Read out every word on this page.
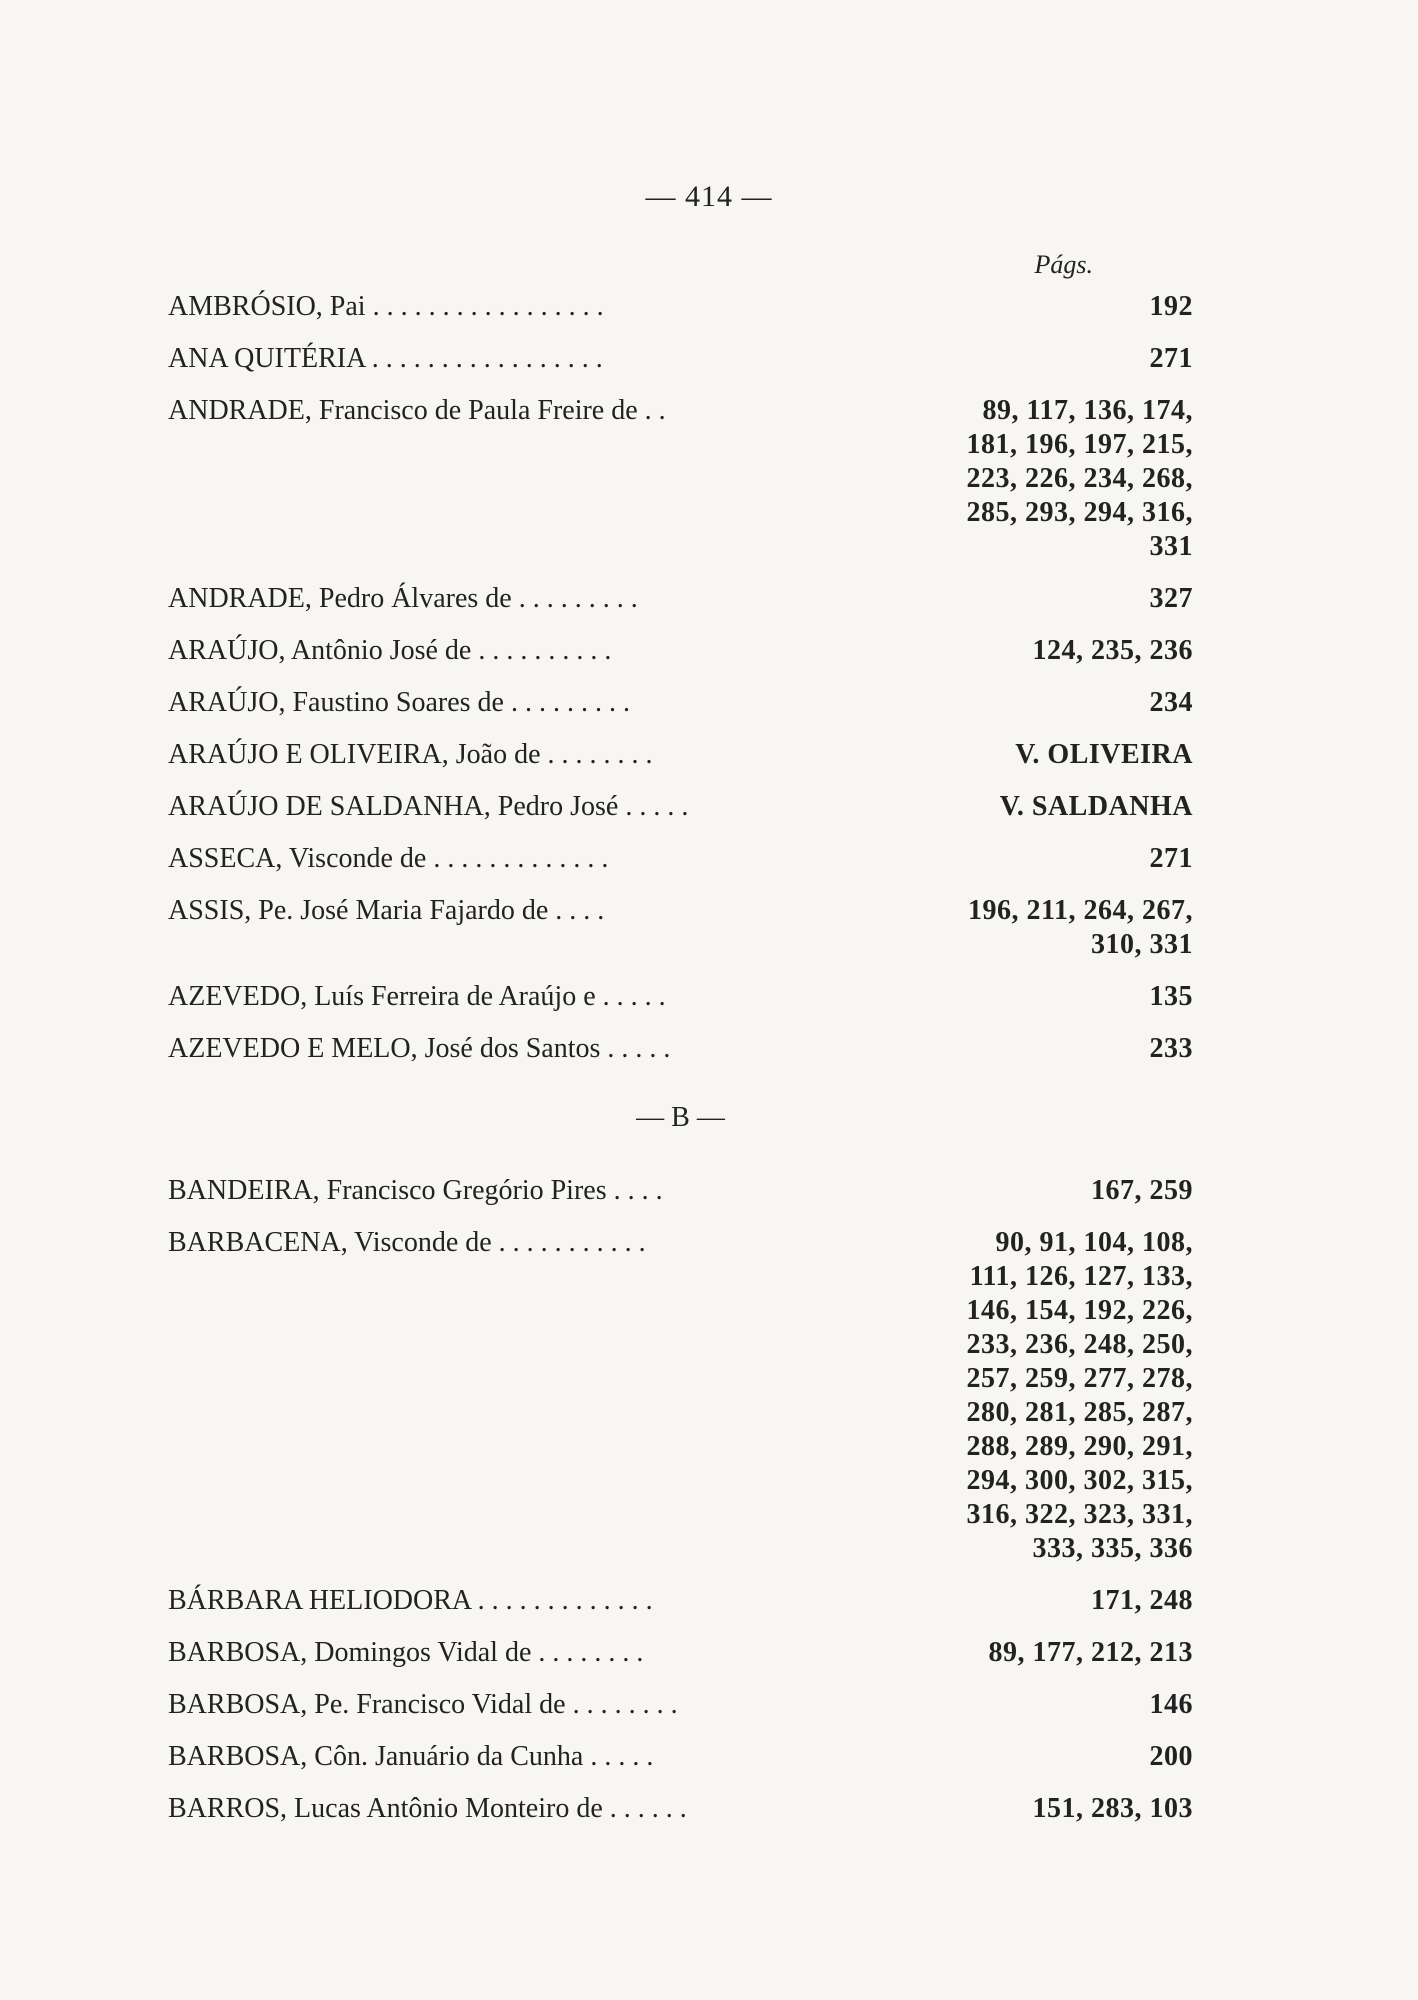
— 414 —
Págs.
AMBRÓSIO, Pai . . . . . . . . . . . . . . . . .	192
ANA QUITÉRIA . . . . . . . . . . . . . . . . .	271
ANDRADE, Francisco de Paula Freire de . .	89, 117, 136, 174,
181, 196, 197, 215,
223, 226, 234, 268,
285, 293, 294, 316,
331
ANDRADE, Pedro Álvares de . . . . . . . . .	327
ARAÚJO, Antônio José de . . . . . . . . . .	124, 235, 236
ARAÚJO, Faustino Soares de . . . . . . . . .	234
ARAÚJO E OLIVEIRA, João de . . . . . . . .	V. OLIVEIRA
ARAÚJO DE SALDANHA, Pedro José . . . . .	V. SALDANHA
ASSECA, Visconde de . . . . . . . . . . . . .	271
ASSIS, Pe. José Maria Fajardo de . . . .	196, 211, 264, 267,
310, 331
AZEVEDO, Luís Ferreira de Araújo e . . . . .	135
AZEVEDO E MELO, José dos Santos . . . . .	233
— B —
BANDEIRA, Francisco Gregório Pires . . . .	167, 259
BARBACENA, Visconde de . . . . . . . . . . .	90, 91, 104, 108,
111, 126, 127, 133,
146, 154, 192, 226,
233, 236, 248, 250,
257, 259, 277, 278,
280, 281, 285, 287,
288, 289, 290, 291,
294, 300, 302, 315,
316, 322, 323, 331,
333, 335, 336
BÁRBARA HELIODORA . . . . . . . . . . . . .	171, 248
BARBOSA, Domingos Vidal de . . . . . . . .	89, 177, 212, 213
BARBOSA, Pe. Francisco Vidal de . . . . . . . .	146
BARBOSA, Côn. Januário da Cunha . . . . .	200
BARROS, Lucas Antônio Monteiro de . . . . . .	151, 283, 103
